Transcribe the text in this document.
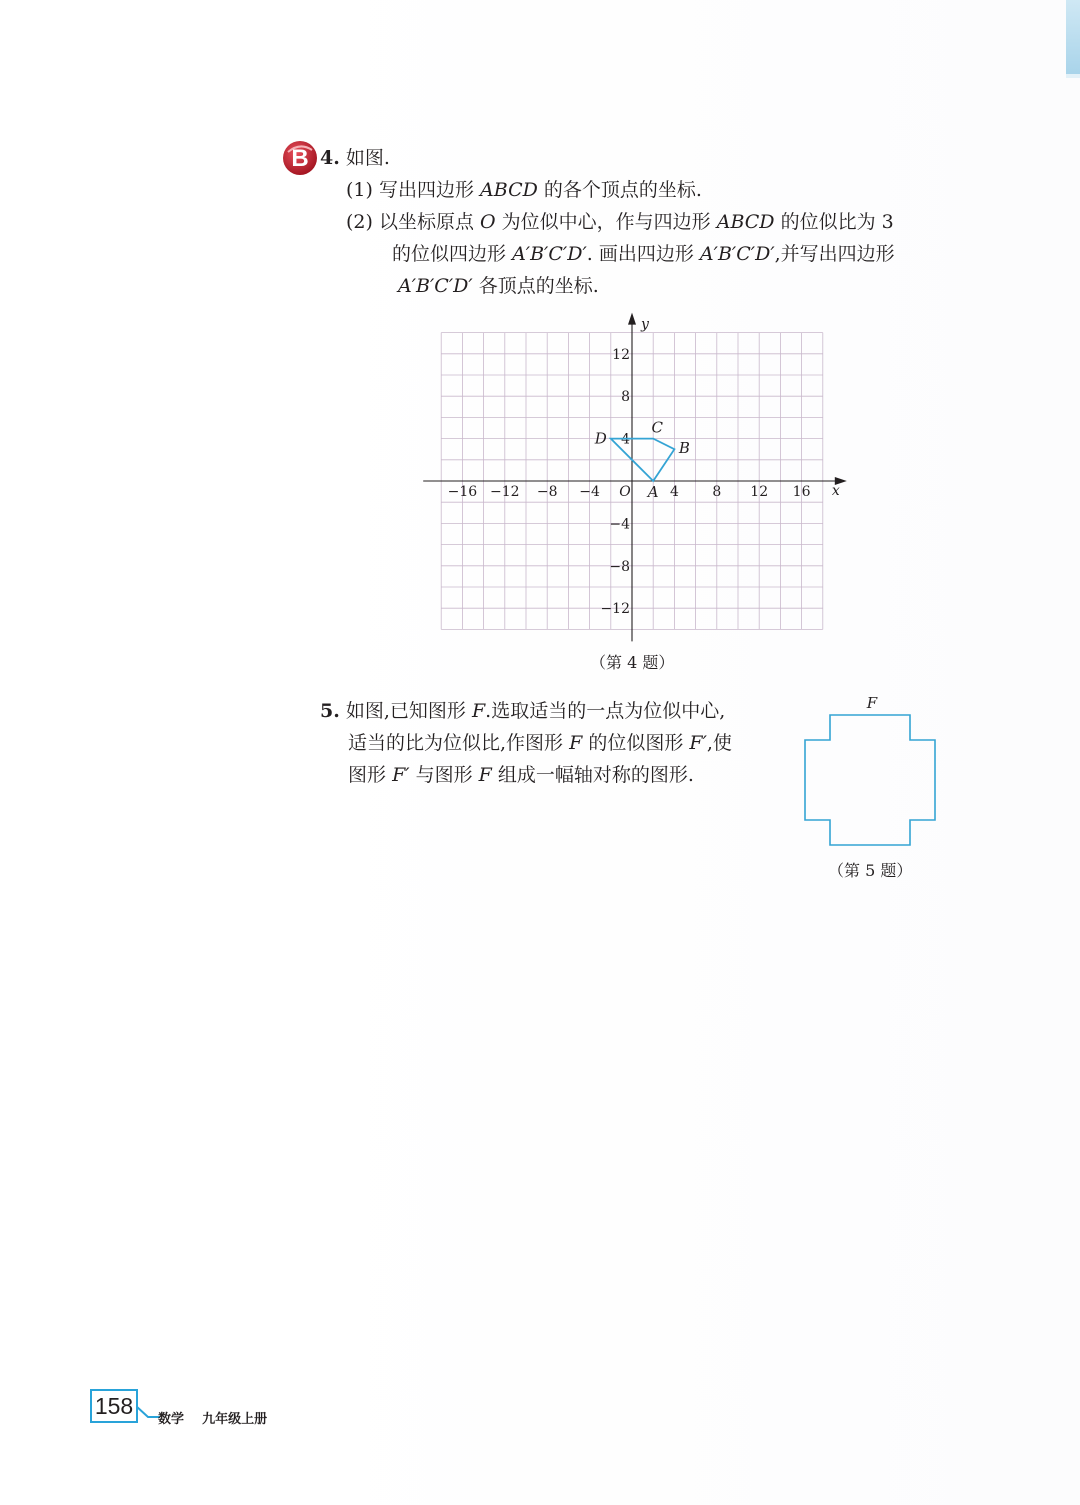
B 4. 如图.
(1) 写出四边形 ABCD 的各个顶点的坐标.
(2) 以坐标原点 O 为位似中心，作与四边形 ABCD 的位似比为 3
的位似四边形 A′B′C′D′. 画出四边形 A′B′C′D′,并写出四边形
A′B′C′D′ 各顶点的坐标.
x
y
−16 −12 −8 −4	4 8 12 16
12
8
4
−4
−8
−12
O A
B
C
D
（第 4 题）
5. 如图,已知图形 F.选取适当的一点为位似中心,
适当的比为位似比,作图形 F 的位似图形 F′,使
图形 F′ 与图形 F 组成一幅轴对称的图形.
F
（第 5 题）
158
数学 九年级上册
